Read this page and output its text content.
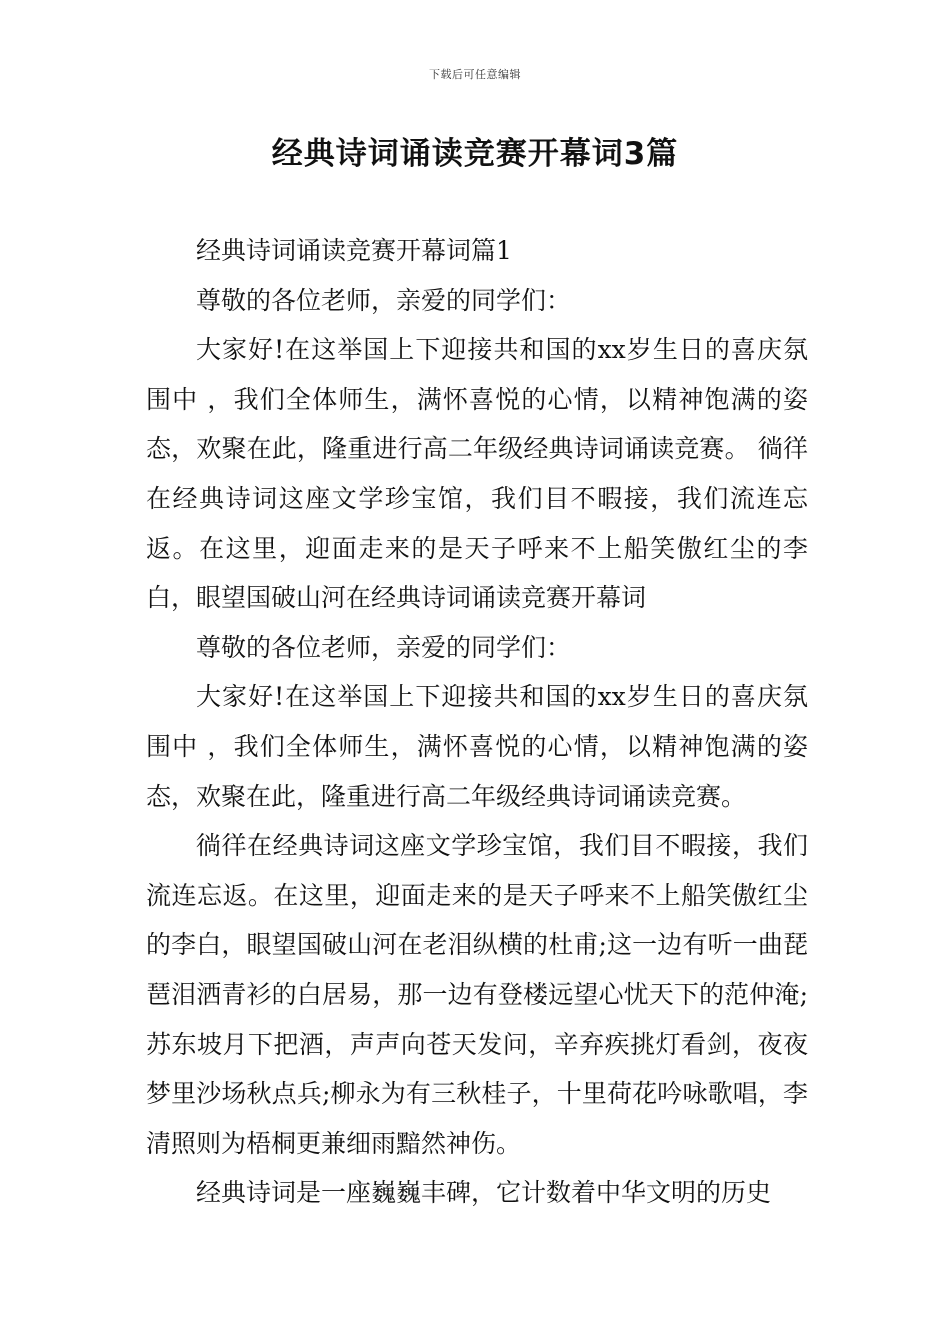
下载后可任意编辑
经典诗词诵读竞赛开幕词3篇

经典诗词诵读竞赛开幕词篇1

尊敬的各位老师，亲爱的同学们：

大家好!在这举国上下迎接共和国的xx岁生日的喜庆氛围中 ，我们全体师生，满怀喜悦的心情，以精神饱满的姿态，欢聚在此，隆重进行高二年级经典诗词诵读竞赛。 徜徉在经典诗词这座文学珍宝馆，我们目不暇接，我们流连忘返。在这里，迎面走来的是天子呼来不上船笑傲红尘的李白，眼望国破山河在经典诗词诵读竞赛开幕词

尊敬的各位老师，亲爱的同学们：

大家好!在这举国上下迎接共和国的xx岁生日的喜庆氛围中 ，我们全体师生，满怀喜悦的心情，以精神饱满的姿态，欢聚在此，隆重进行高二年级经典诗词诵读竞赛。

徜徉在经典诗词这座文学珍宝馆，我们目不暇接，我们流连忘返。在这里，迎面走来的是天子呼来不上船笑傲红尘的李白，眼望国破山河在老泪纵横的杜甫;这一边有听一曲琵琶泪洒青衫的白居易，那一边有登楼远望心忧天下的范仲淹;苏东坡月下把酒，声声向苍天发问，辛弃疾挑灯看剑，夜夜梦里沙场秋点兵;柳永为有三秋桂子，十里荷花吟咏歌唱，李清照则为梧桐更兼细雨黯然神伤。

经典诗词是一座巍巍丰碑，它计数着中华文明的历史
